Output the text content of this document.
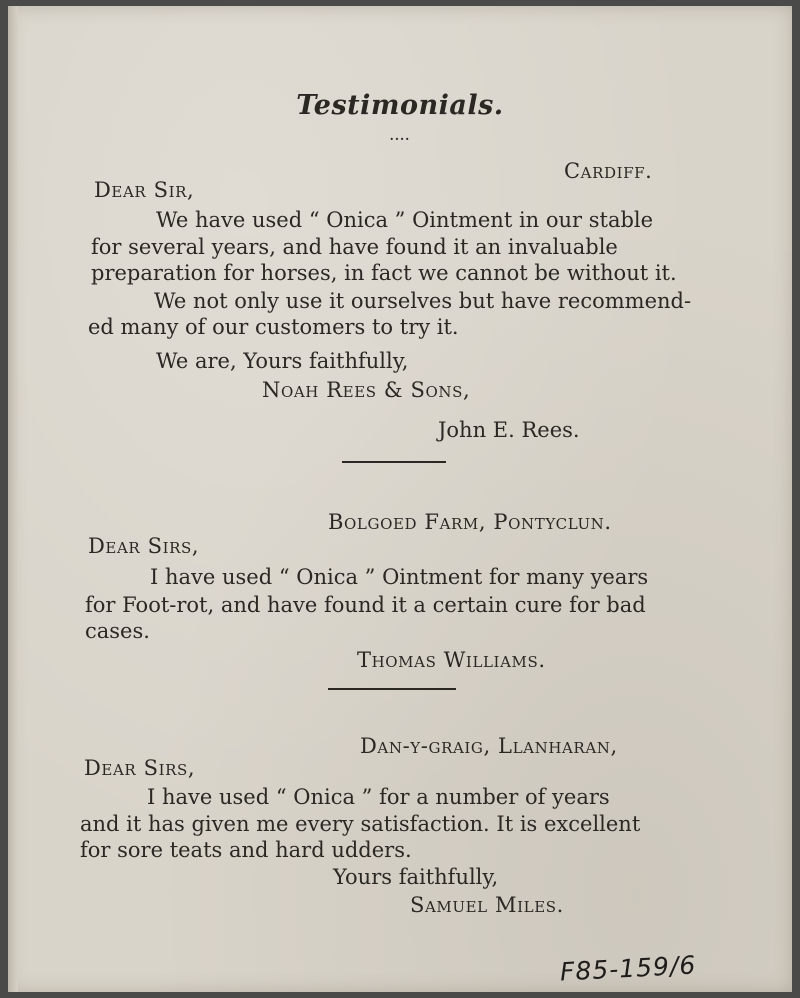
Testimonials.
····
Cardiff.
Dear Sir,
We have used “ Onica ” Ointment in our stable
for several years, and have found it an invaluable
preparation for horses, in fact we cannot be without it.
We not only use it ourselves but have recommend-
ed many of our customers to try it.
We are, Yours faithfully,
Noah Rees & Sons,
John E. Rees.
Bolgoed Farm, Pontyclun.
Dear Sirs,
I have used “ Onica ” Ointment for many years
for Foot-rot, and have found it a certain cure for bad
cases.
Thomas Williams.
Dan-y-graig, Llanharan,
Dear Sirs,
I have used “ Onica ” for a number of years
and it has given me every satisfaction. It is excellent
for sore teats and hard udders.
Yours faithfully,
Samuel Miles.
F85-159/6
